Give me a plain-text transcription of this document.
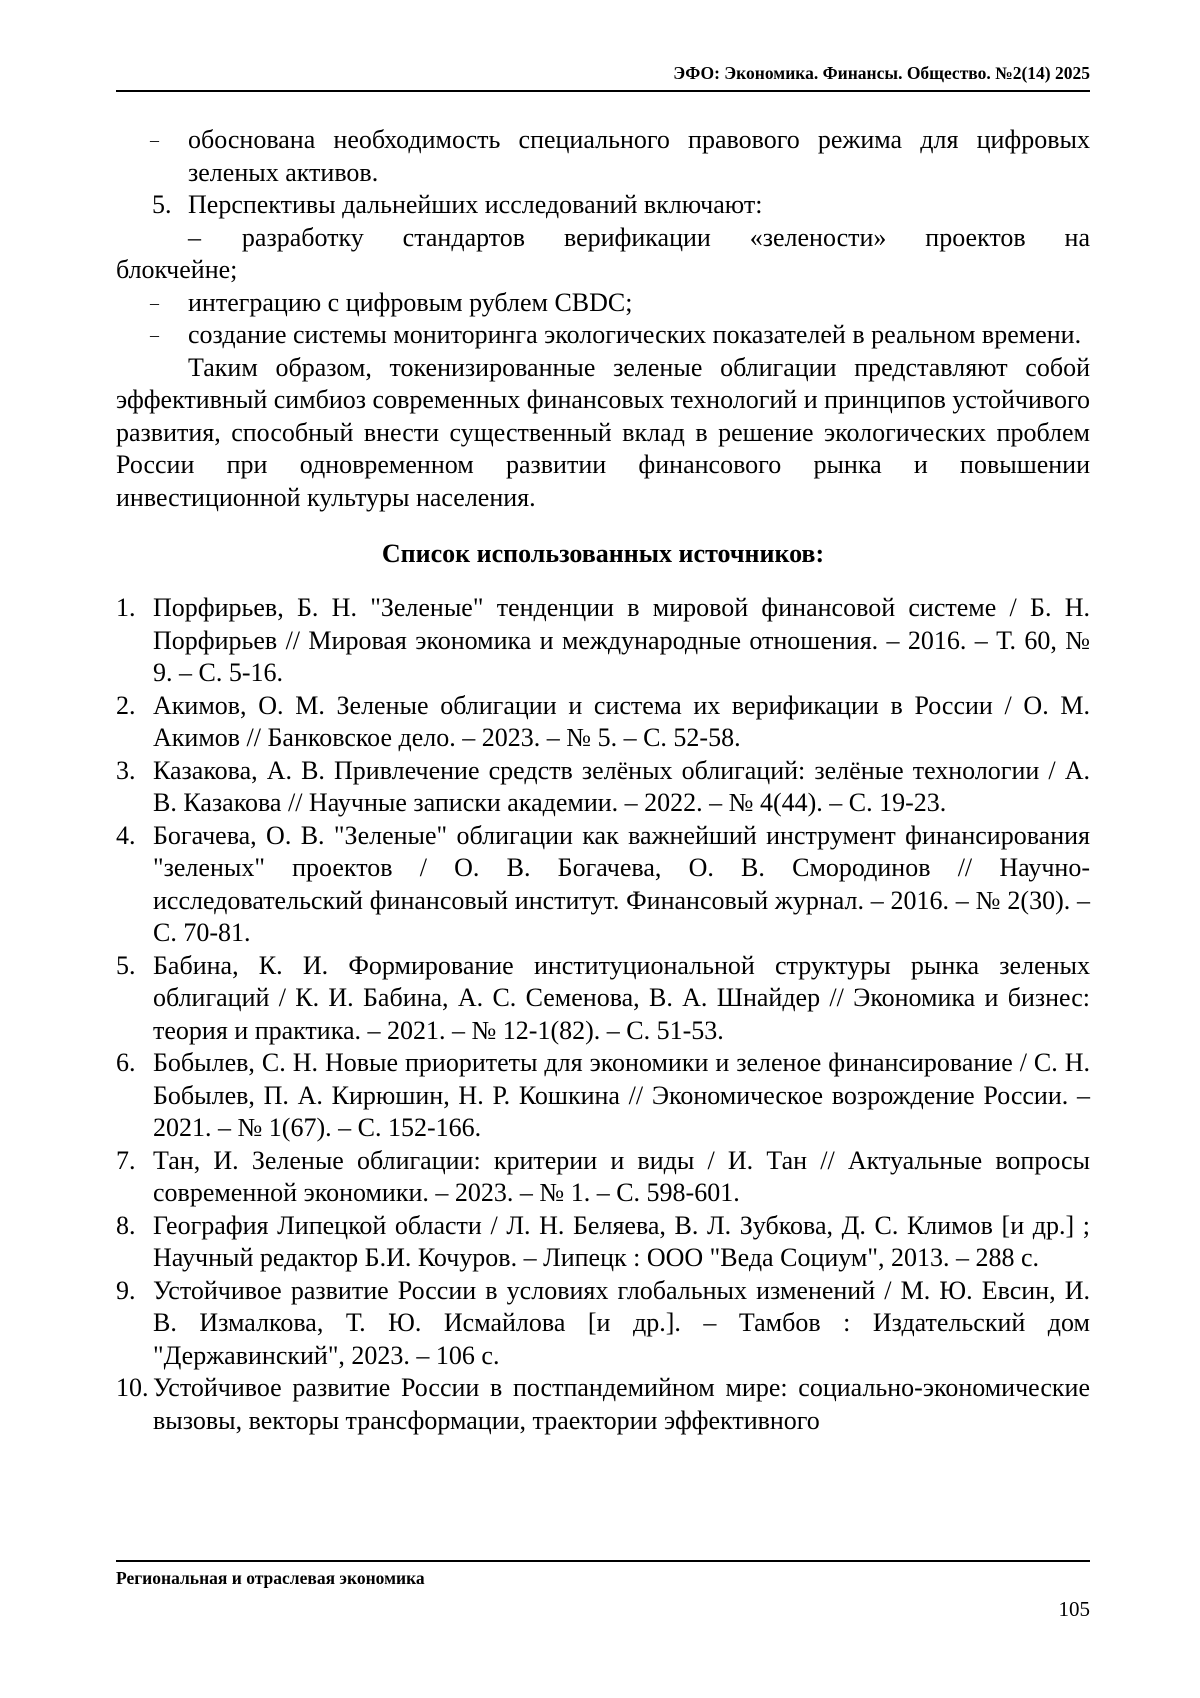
ЭФО: Экономика. Финансы. Общество. №2(14) 2025

– обоснована необходимость специального правового режима для цифровых зеленых активов.

5. Перспективы дальнейших исследований включают:

– разработку стандартов верификации «зелености» проектов на

блокчейне;

– интеграцию с цифровым рублем CBDC;

– создание системы мониторинга экологических показателей в реальном времени.

Таким образом, токенизированные зеленые облигации представляют собой эффективный симбиоз современных финансовых технологий и принципов устойчивого развития, способный внести существенный вклад в решение экологических проблем России при одновременном развитии финансового рынка и повышении инвестиционной культуры населения.

Список использованных источников:
1. Порфирьев, Б. Н. "Зеленые" тенденции в мировой финансовой системе / Б. Н. Порфирьев // Мировая экономика и международные отношения. – 2016. – Т. 60, № 9. – С. 5-16.
2. Акимов, О. М. Зеленые облигации и система их верификации в России / О. М. Акимов // Банковское дело. – 2023. – № 5. – С. 52-58.
3. Казакова, А. В. Привлечение средств зелёных облигаций: зелёные технологии / А. В. Казакова // Научные записки академии. – 2022. – № 4(44). – С. 19-23.
4. Богачева, О. В. "Зеленые" облигации как важнейший инструмент финансирования "зеленых" проектов / О. В. Богачева, О. В. Смородинов // Научно-исследовательский финансовый институт. Финансовый журнал. – 2016. – № 2(30). – С. 70-81.
5. Бабина, К. И. Формирование институциональной структуры рынка зеленых облигаций / К. И. Бабина, А. С. Семенова, В. А. Шнайдер // Экономика и бизнес: теория и практика. – 2021. – № 12-1(82). – С. 51-53.
6. Бобылев, С. Н. Новые приоритеты для экономики и зеленое финансирование / С. Н. Бобылев, П. А. Кирюшин, Н. Р. Кошкина // Экономическое возрождение России. – 2021. – № 1(67). – С. 152-166.
7. Тан, И. Зеленые облигации: критерии и виды / И. Тан // Актуальные вопросы современной экономики. – 2023. – № 1. – С. 598-601.
8. География Липецкой области / Л. Н. Беляева, В. Л. Зубкова, Д. С. Климов [и др.] ; Научный редактор Б.И. Кочуров. – Липецк : ООО "Веда Социум", 2013. – 288 с.
9. Устойчивое развитие России в условиях глобальных изменений / М. Ю. Евсин, И. В. Измалкова, Т. Ю. Исмайлова [и др.]. – Тамбов : Издательский дом "Державинский", 2023. – 106 с.
10. Устойчивое развитие России в постпандемийном мире: социально-экономические вызовы, векторы трансформации, траектории эффективного
Региональная и отраслевая экономика
105
